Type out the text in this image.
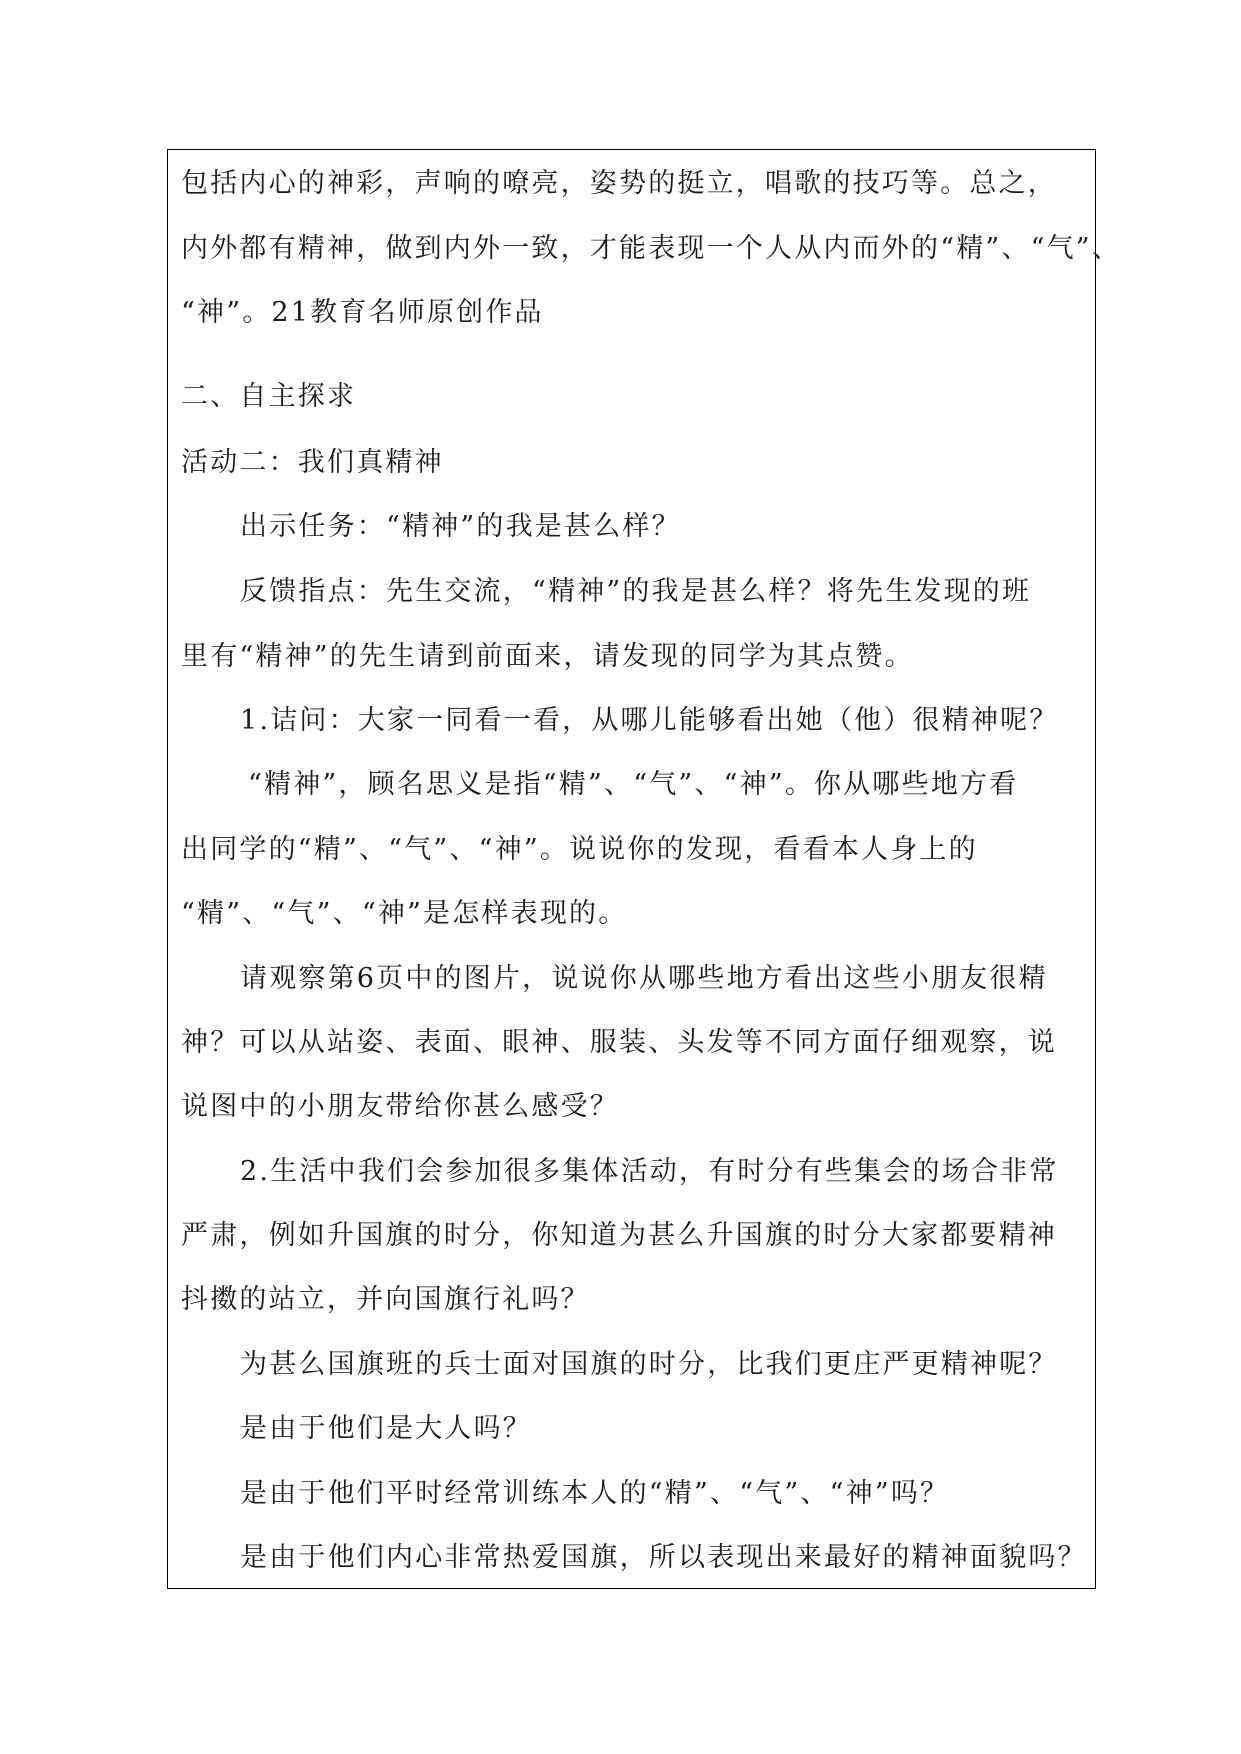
包括内心的神彩，声响的嘹亮，姿势的挺立，唱歌的技巧等。总之，
内外都有精神，做到内外一致，才能表现一个人从内而外的“精”、“气”、
“神”。21教育名师原创作品
二、自主探求
活动二：我们真精神
出示任务：“精神”的我是甚么样？
反馈指点：先生交流，“精神”的我是甚么样？将先生发现的班
里有“精神”的先生请到前面来，请发现的同学为其点赞。
1.诘问：大家一同看一看，从哪儿能够看出她（他）很精神呢？
“精神”，顾名思义是指“精”、“气”、“神”。你从哪些地方看
出同学的“精”、“气”、“神”。说说你的发现，看看本人身上的
“精”、“气”、“神”是怎样表现的。
请观察第6页中的图片，说说你从哪些地方看出这些小朋友很精
神？可以从站姿、表面、眼神、服装、头发等不同方面仔细观察，说
说图中的小朋友带给你甚么感受？
2.生活中我们会参加很多集体活动，有时分有些集会的场合非常
严肃，例如升国旗的时分，你知道为甚么升国旗的时分大家都要精神
抖擞的站立，并向国旗行礼吗？
为甚么国旗班的兵士面对国旗的时分，比我们更庄严更精神呢？
是由于他们是大人吗？
是由于他们平时经常训练本人的“精”、“气”、“神”吗？
是由于他们内心非常热爱国旗，所以表现出来最好的精神面貌吗？
